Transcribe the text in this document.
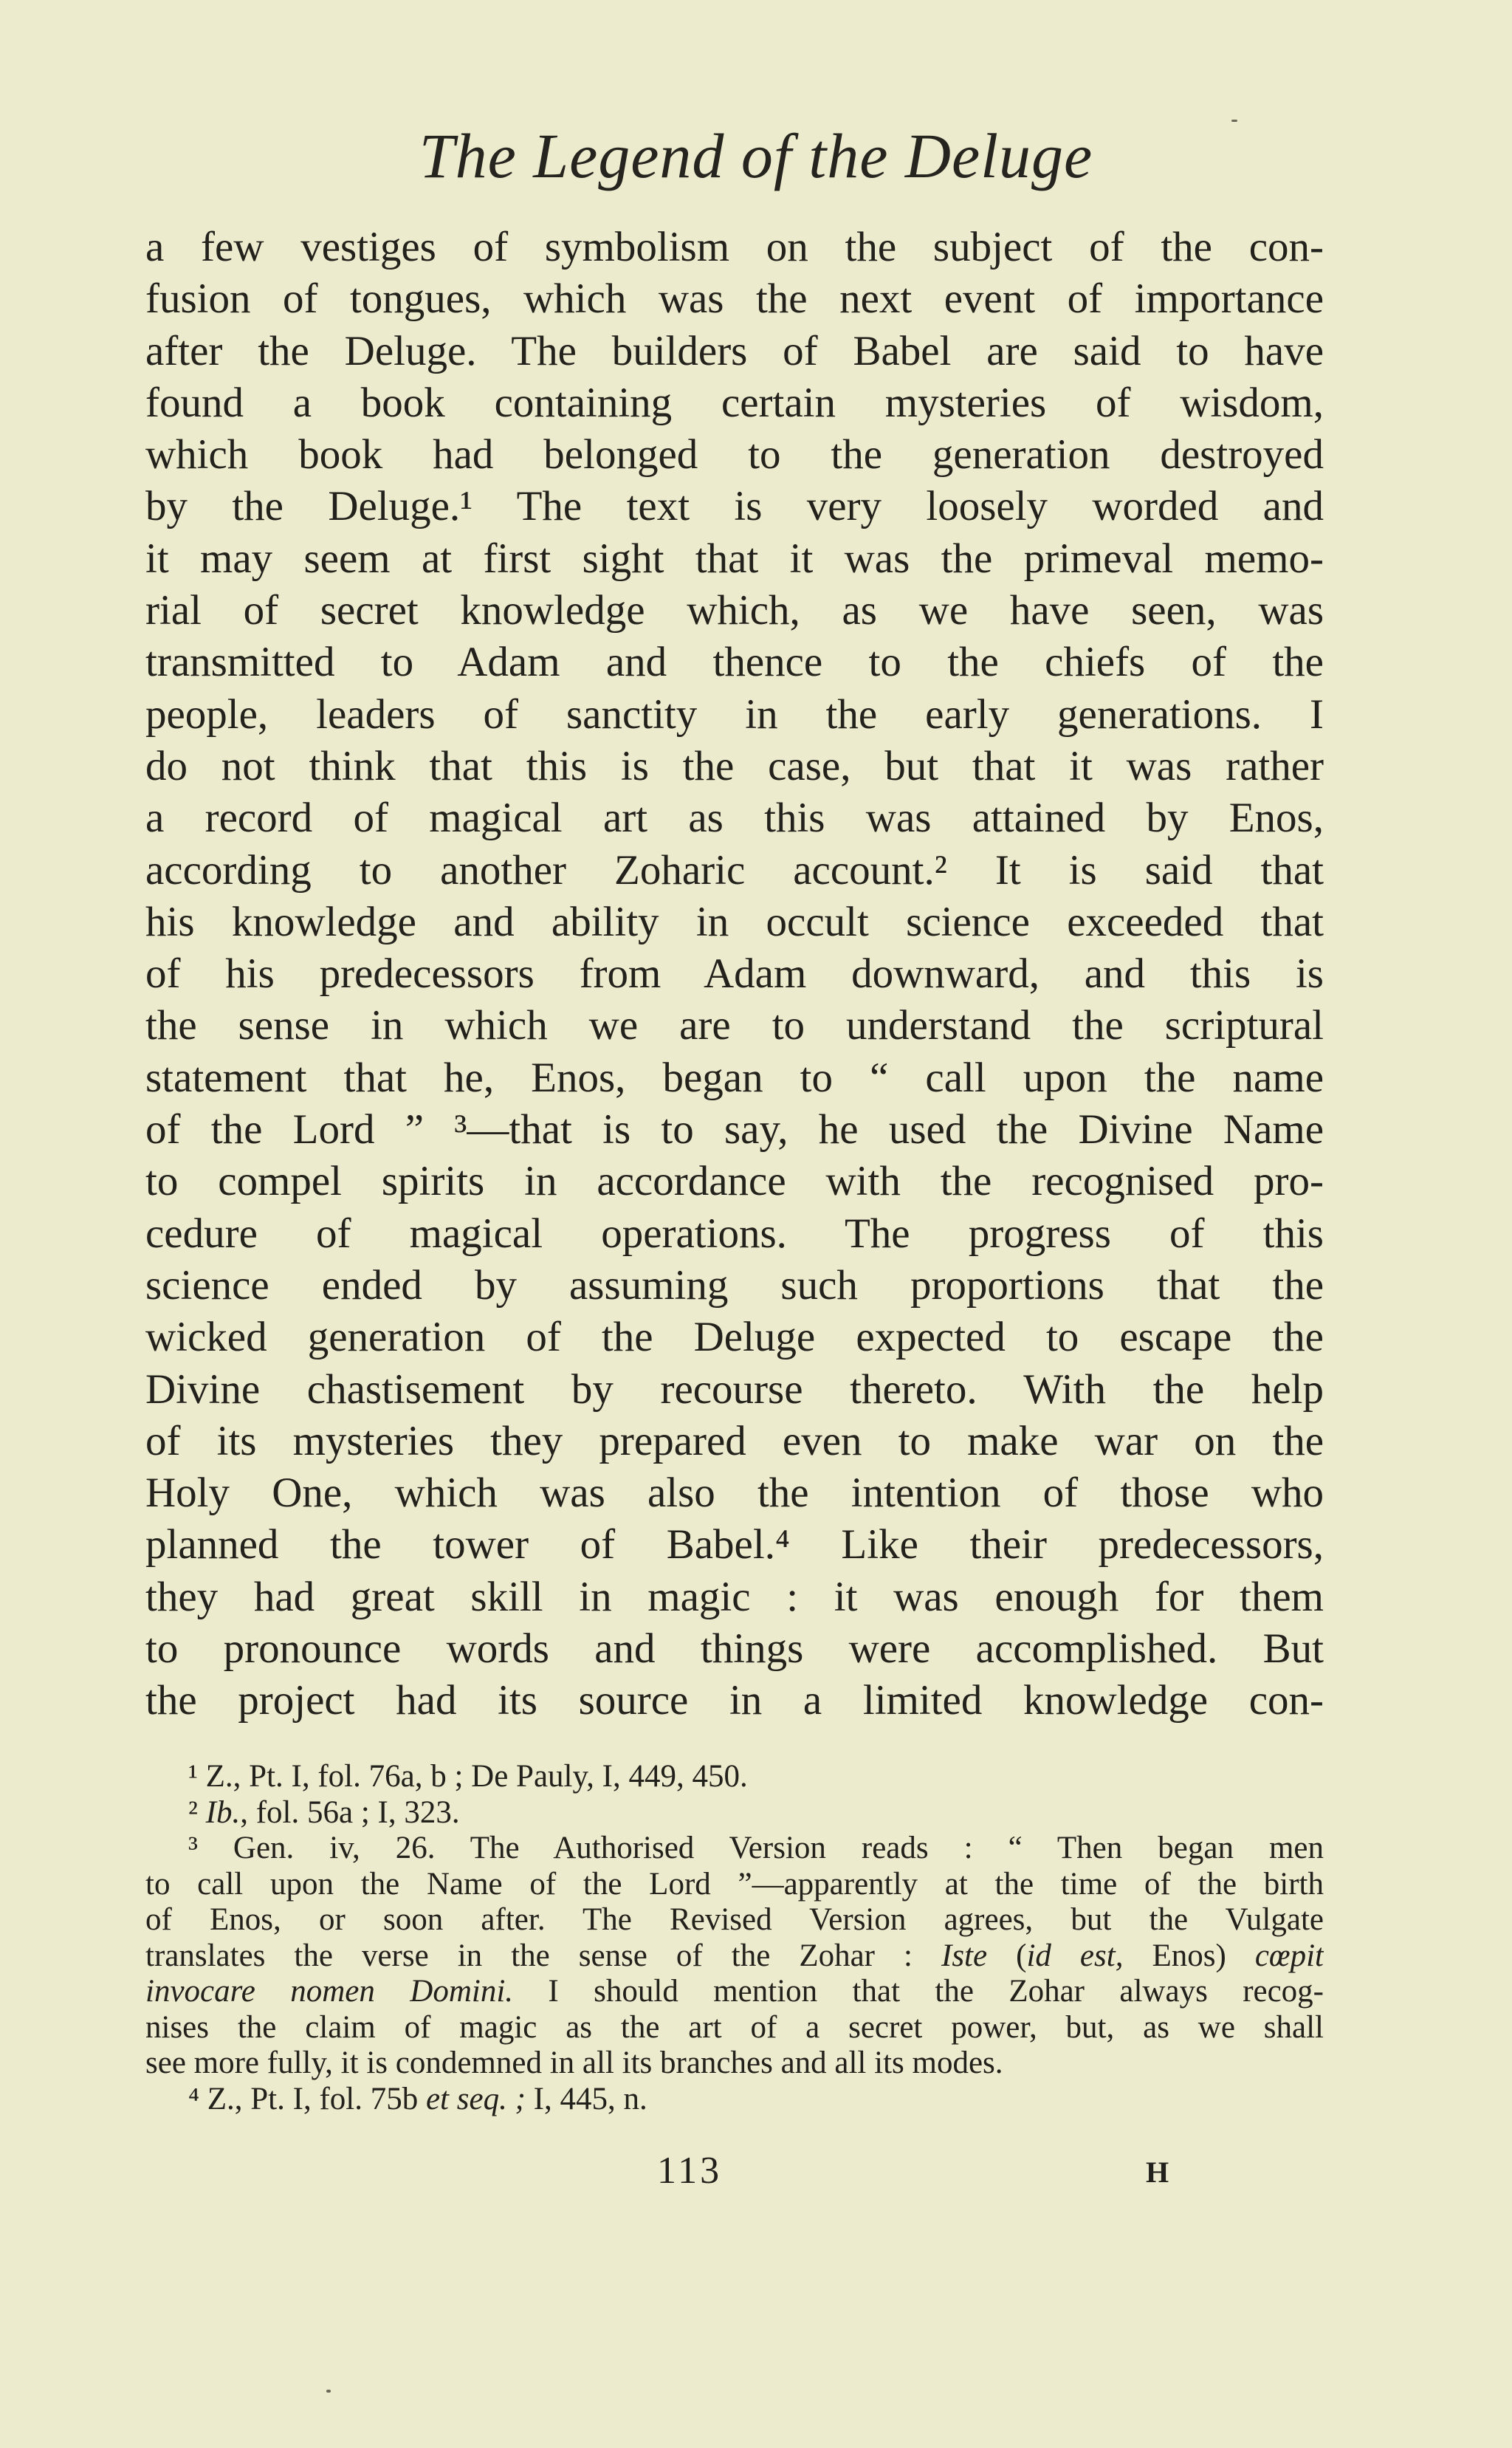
The Legend of the Deluge
a few vestiges of symbolism on the subject of the con-
fusion of tongues, which was the next event of importance
after the Deluge. The builders of Babel are said to have
found a book containing certain mysteries of wisdom,
which book had belonged to the generation destroyed
by the Deluge.¹ The text is very loosely worded and
it may seem at first sight that it was the primeval memo-
rial of secret knowledge which, as we have seen, was
transmitted to Adam and thence to the chiefs of the
people, leaders of sanctity in the early generations. I
do not think that this is the case, but that it was rather
a record of magical art as this was attained by Enos,
according to another Zoharic account.² It is said that
his knowledge and ability in occult science exceeded that
of his predecessors from Adam downward, and this is
the sense in which we are to understand the scriptural
statement that he, Enos, began to “ call upon the name
of the Lord ” ³—that is to say, he used the Divine Name
to compel spirits in accordance with the recognised pro-
cedure of magical operations. The progress of this
science ended by assuming such proportions that the
wicked generation of the Deluge expected to escape the
Divine chastisement by recourse thereto. With the help
of its mysteries they prepared even to make war on the
Holy One, which was also the intention of those who
planned the tower of Babel.⁴ Like their predecessors,
they had great skill in magic : it was enough for them
to pronounce words and things were accomplished. But
the project had its source in a limited knowledge con-
¹ Z., Pt. I, fol. 76a, b ; De Pauly, I, 449, 450.
² Ib., fol. 56a ; I, 323.
³ Gen. iv, 26. The Authorised Version reads : “ Then began men
to call upon the Name of the Lord ”—apparently at the time of the birth
of Enos, or soon after. The Revised Version agrees, but the Vulgate
translates the verse in the sense of the Zohar : Iste (id est, Enos) cœpit
invocare nomen Domini. I should mention that the Zohar always recog-
nises the claim of magic as the art of a secret power, but, as we shall
see more fully, it is condemned in all its branches and all its modes.
⁴ Z., Pt. I, fol. 75b et seq. ; I, 445, n.
113	H
